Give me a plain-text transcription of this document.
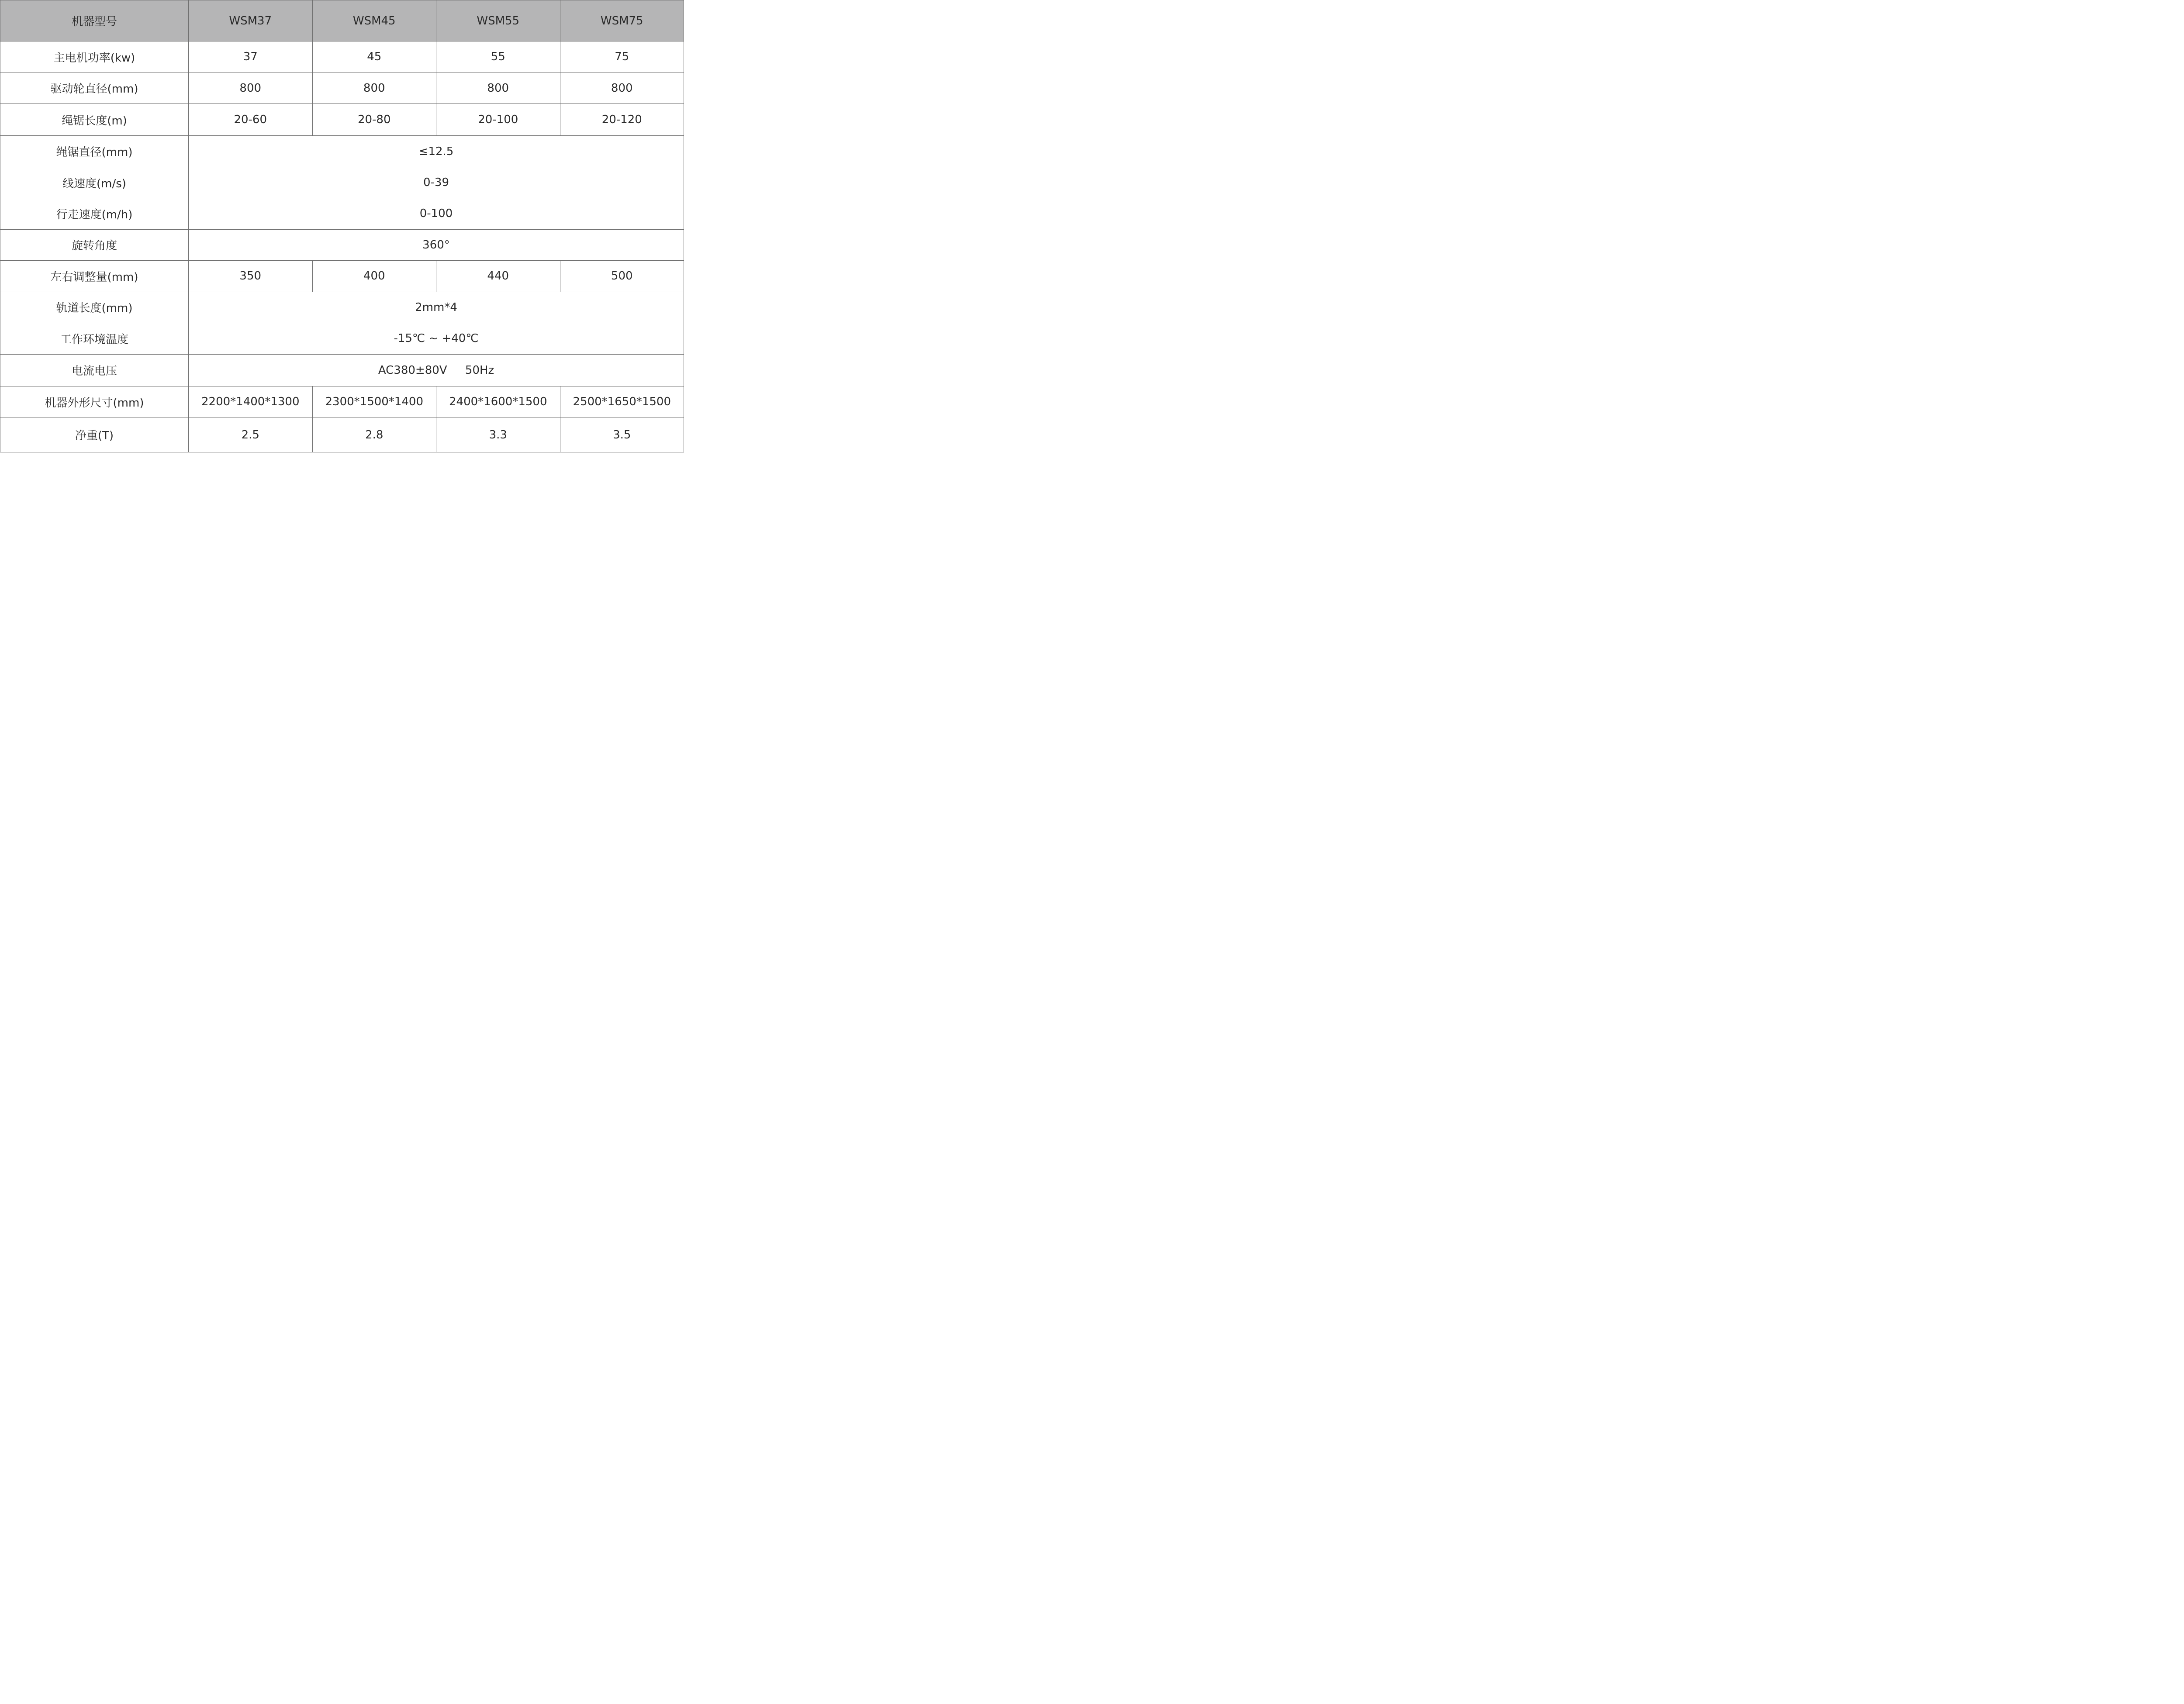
机器型号	WSM37	WSM45	WSM55	WSM75
主电机功率(kw)	37	45	55	75
驱动轮直径(mm)	800	800	800	800
绳锯长度(m)	20-60	20-80	20-100	20-120
绳锯直径(mm)	≤12.5			
线速度(m/s)	0-39			
行走速度(m/h)	0-100			
旋转角度	360°			
左右调整量(mm)	350	400	440	500
轨道长度(mm)	2mm*4			
工作环境温度	-15℃ ~ +40℃			
电流电压	AC380±80V     50Hz			
机器外形尺寸(mm)	2200*1400*1300	2300*1500*1400	2400*1600*1500	2500*1650*1500
净重(T)	2.5	2.8	3.3	3.5
